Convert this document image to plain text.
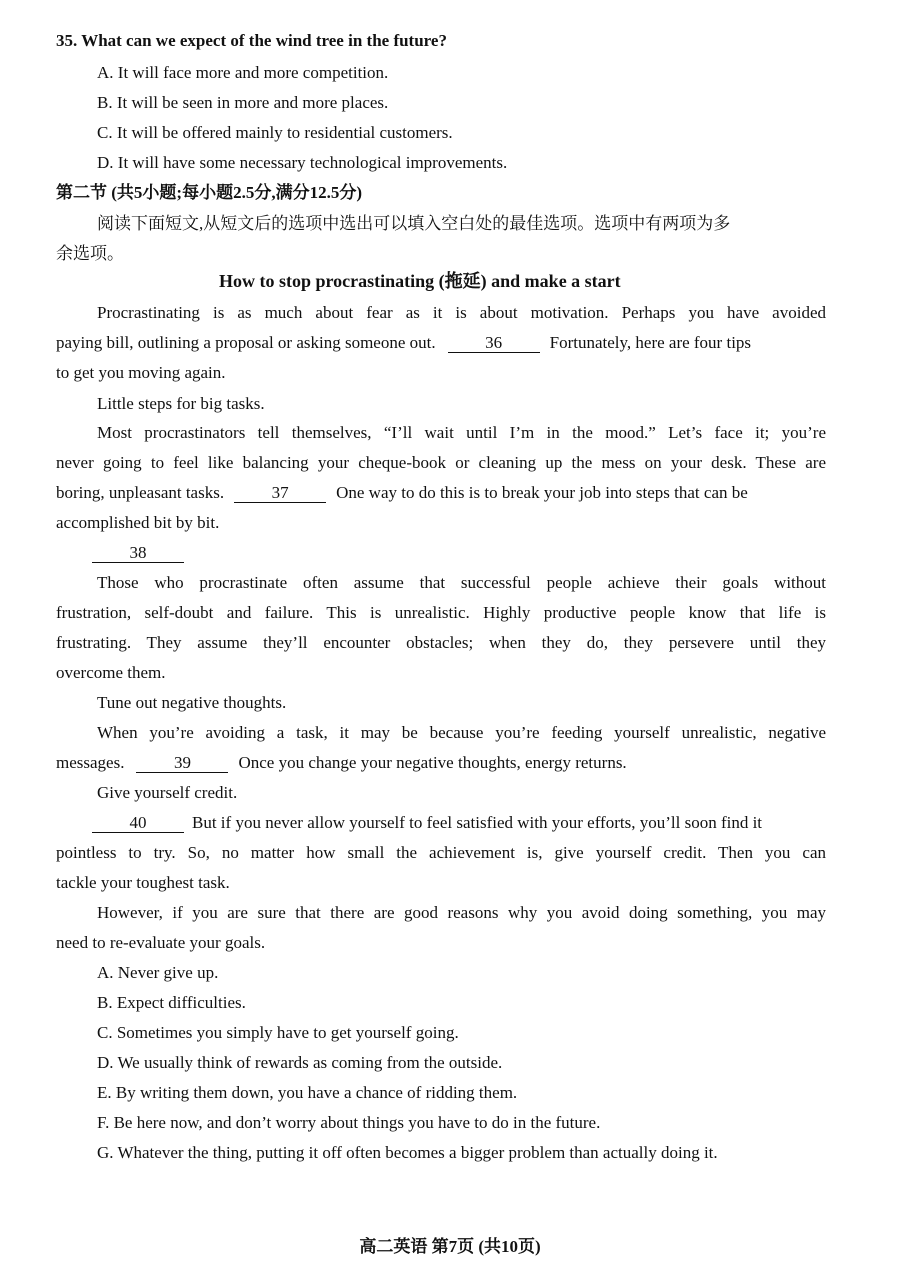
35. What can we expect of the wind tree in the future?
A. It will face more and more competition.
B. It will be seen in more and more places.
C. It will be offered mainly to residential customers.
D. It will have some necessary technological improvements.
第二节 (共5小题;每小题2.5分,满分12.5分)
阅读下面短文,从短文后的选项中选出可以填入空白处的最佳选项。选项中有两项为多
余选项。
How to stop procrastinating (拖延) and make a start
Procrastinating is as much about fear as it is about motivation. Perhaps you have avoided
paying bill, outlining a proposal or asking someone out.	36	Fortunately, here are four tips
to get you moving again.
Little steps for big tasks.
Most procrastinators tell themselves, “I’ll wait until I’m in the mood.” Let’s face it; you’re
never going to feel like balancing your cheque-book or cleaning up the mess on your desk. These are
boring, unpleasant tasks.	37	One way to do this is to break your job into steps that can be
accomplished bit by bit.
38
Those who procrastinate often assume that successful people achieve their goals without
frustration, self-doubt and failure. This is unrealistic. Highly productive people know that life is
frustrating. They assume they’ll encounter obstacles; when they do, they persevere until they
overcome them.
Tune out negative thoughts.
When you’re avoiding a task, it may be because you’re feeding yourself unrealistic, negative
messages.	39	Once you change your negative thoughts, energy returns.
Give yourself credit.
40	But if you never allow yourself to feel satisfied with your efforts, you’ll soon find it
pointless to try. So, no matter how small the achievement is, give yourself credit. Then you can
tackle your toughest task.
However, if you are sure that there are good reasons why you avoid doing something, you may
need to re-evaluate your goals.
A. Never give up.
B. Expect difficulties.
C. Sometimes you simply have to get yourself going.
D. We usually think of rewards as coming from the outside.
E. By writing them down, you have a chance of ridding them.
F. Be here now, and don’t worry about things you have to do in the future.
G. Whatever the thing, putting it off often becomes a bigger problem than actually doing it.
高二英语 第7页 (共10页)
